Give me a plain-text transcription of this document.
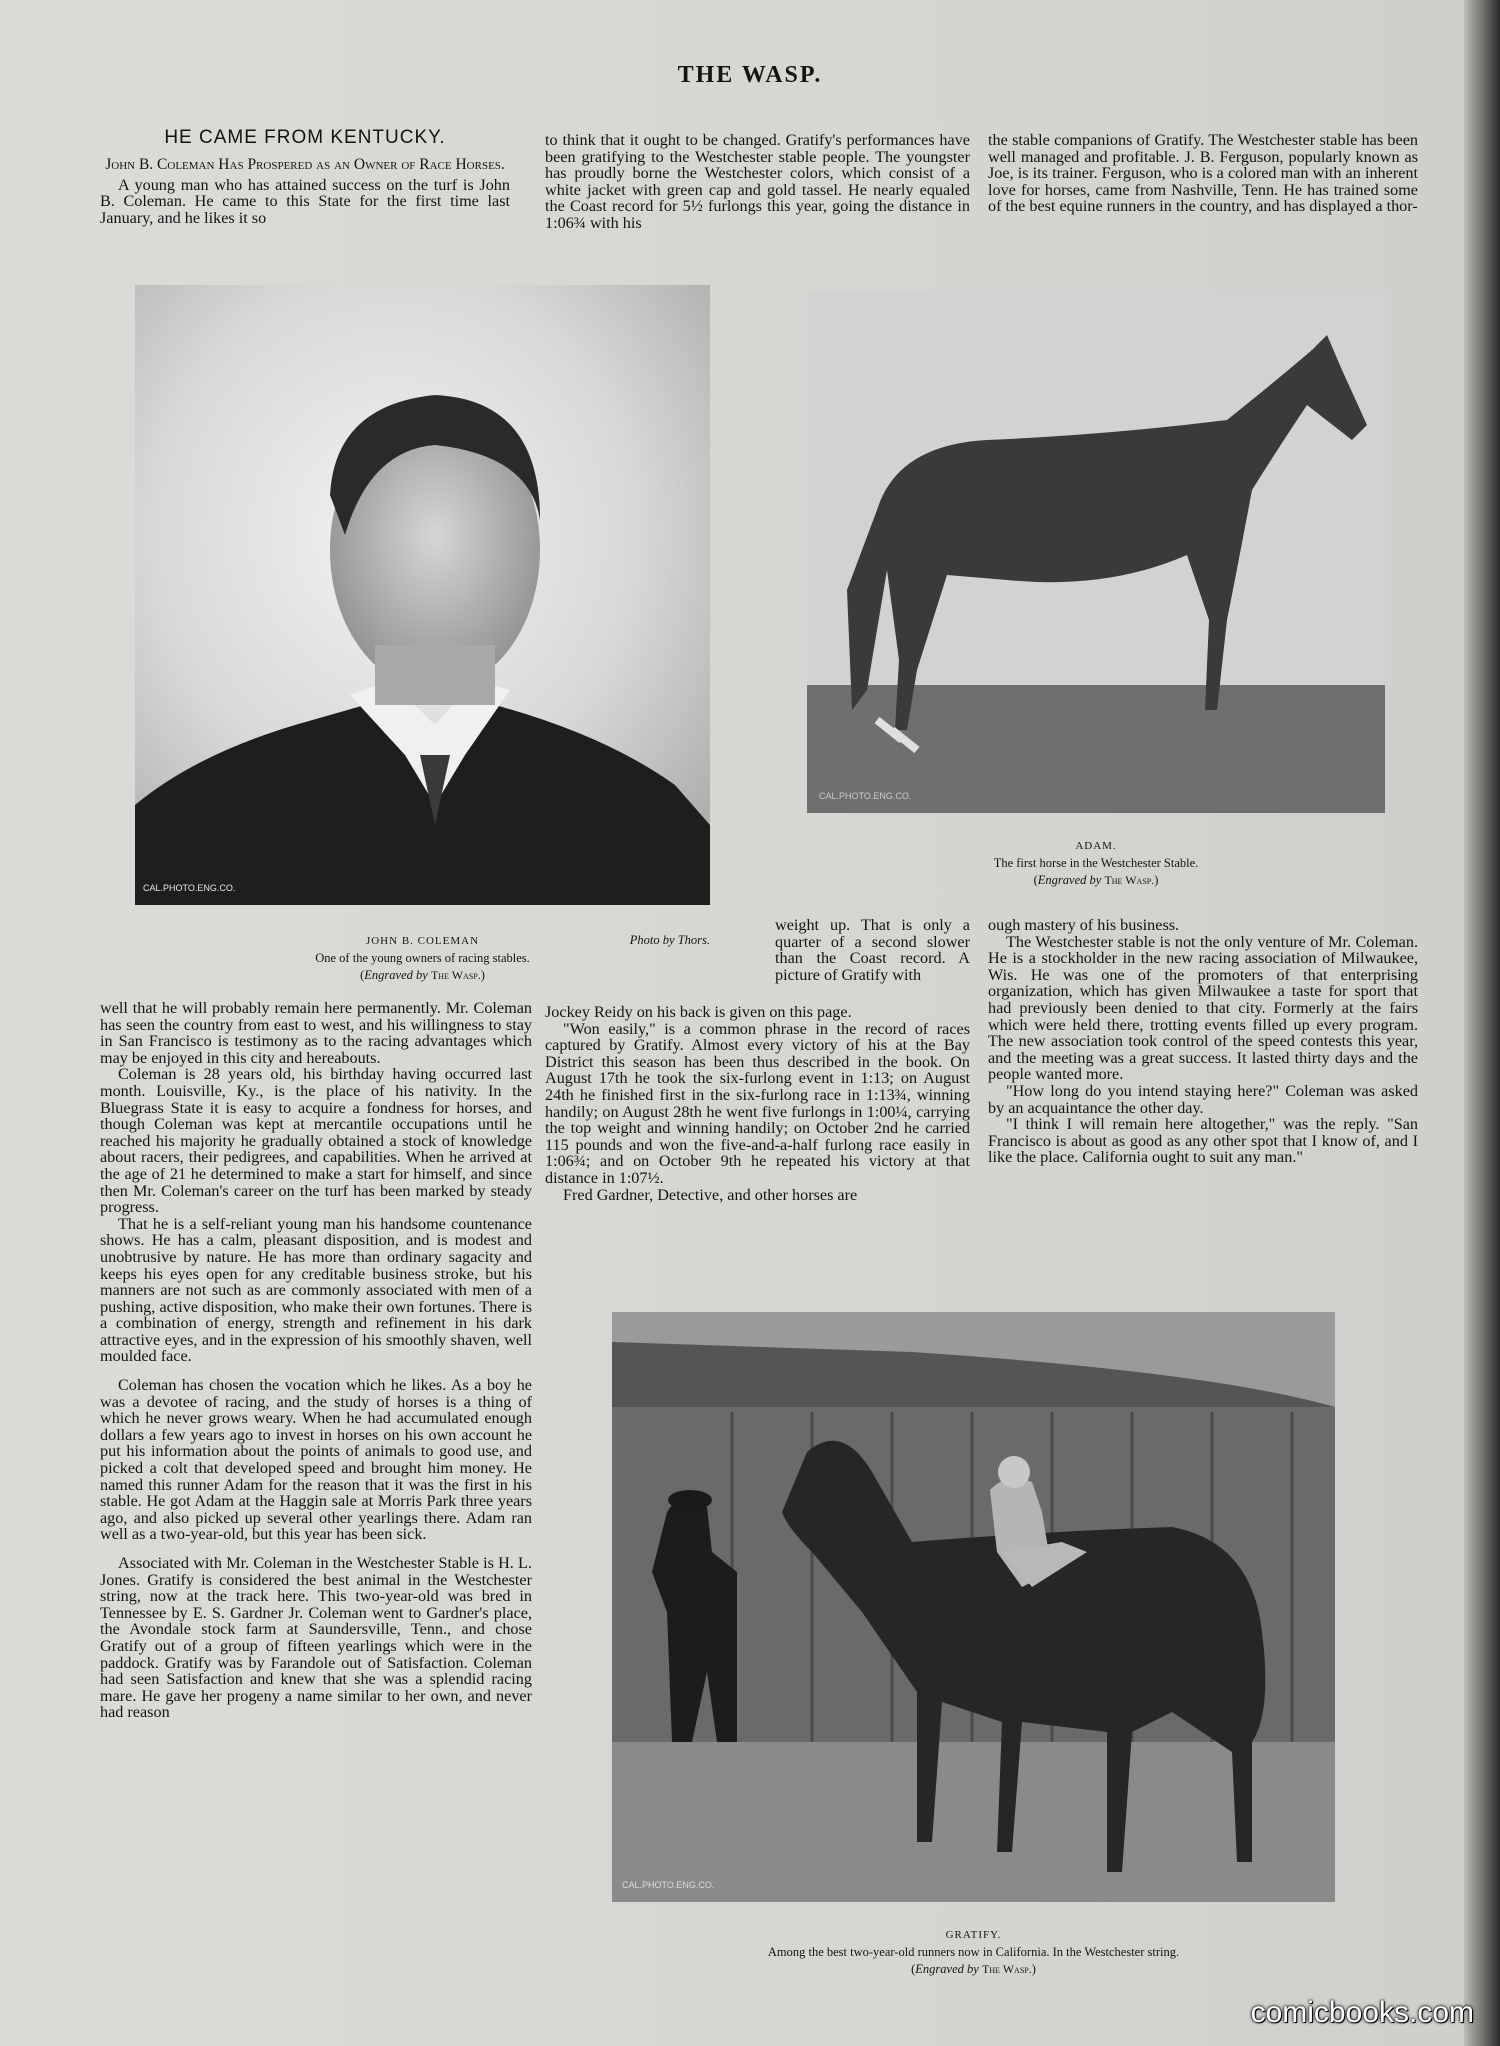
THE WASP.
HE CAME FROM KENTUCKY.
John B. Coleman Has Prospered as an Owner of Race Horses.

A young man who has attained success on the turf is John B. Coleman. He came to this State for the first time last January, and he likes it so

to think that it ought to be changed. Gratify's performances have been gratifying to the Westchester stable people. The youngster has proudly borne the Westchester colors, which consist of a white jacket with green cap and gold tassel. He nearly equaled the Coast record for 5½ furlongs this year, going the distance in 1:06¾ with his

the stable companions of Gratify. The Westchester stable has been well managed and profitable. J. B. Ferguson, popularly known as Joe, is its trainer. Ferguson, who is a colored man with an inherent love for horses, came from Nashville, Tenn. He has trained some of the best equine runners in the country, and has displayed a thor-

CAL.PHOTO.ENG.CO.
JOHN B. COLEMAN	Photo by Thors.
One of the young owners of racing stables.
(Engraved by The Wasp.)
CAL.PHOTO.ENG.CO.
ADAM.
The first horse in the Westchester Stable.
(Engraved by The Wasp.)

well that he will probably remain here permanently. Mr. Coleman has seen the country from east to west, and his willingness to stay in San Francisco is testimony as to the racing advantages which may be enjoyed in this city and hereabouts.

Coleman is 28 years old, his birthday having occurred last month. Louisville, Ky., is the place of his nativity. In the Bluegrass State it is easy to acquire a fondness for horses, and though Coleman was kept at mercantile occupations until he reached his majority he gradually obtained a stock of knowledge about racers, their pedigrees, and capabilities. When he arrived at the age of 21 he determined to make a start for himself, and since then Mr. Coleman's career on the turf has been marked by steady progress.

That he is a self-reliant young man his handsome countenance shows. He has a calm, pleasant disposition, and is modest and unobtrusive by nature. He has more than ordinary sagacity and keeps his eyes open for any creditable business stroke, but his manners are not such as are commonly associated with men of a pushing, active disposition, who make their own fortunes. There is a combination of energy, strength and refinement in his dark attractive eyes, and in the expression of his smoothly shaven, well moulded face.

Coleman has chosen the vocation which he likes. As a boy he was a devotee of racing, and the study of horses is a thing of which he never grows weary. When he had accumulated enough dollars a few years ago to invest in horses on his own account he put his information about the points of animals to good use, and picked a colt that developed speed and brought him money. He named this runner Adam for the reason that it was the first in his stable. He got Adam at the Haggin sale at Morris Park three years ago, and also picked up several other yearlings there. Adam ran well as a two-year-old, but this year has been sick.

Associated with Mr. Coleman in the Westchester Stable is H. L. Jones. Gratify is considered the best animal in the Westchester string, now at the track here. This two-year-old was bred in Tennessee by E. S. Gardner Jr. Coleman went to Gardner's place, the Avondale stock farm at Saundersville, Tenn., and chose Gratify out of a group of fifteen yearlings which were in the paddock. Gratify was by Farandole out of Satisfaction. Coleman had seen Satisfaction and knew that she was a splendid racing mare. He gave her progeny a name similar to her own, and never had reason

weight up. That is only a quarter of a second slower than the Coast record. A picture of Gratify with

Jockey Reidy on his back is given on this page.

"Won easily," is a common phrase in the record of races captured by Gratify. Almost every victory of his at the Bay District this season has been thus described in the book. On August 17th he took the six-furlong event in 1:13; on August 24th he finished first in the six-furlong race in 1:13¾, winning handily; on August 28th he went five furlongs in 1:00¼, carrying the top weight and winning handily; on October 2nd he carried 115 pounds and won the five-and-a-half furlong race easily in 1:06¾; and on October 9th he repeated his victory at that distance in 1:07½.

Fred Gardner, Detective, and other horses are

ough mastery of his business.

The Westchester stable is not the only venture of Mr. Coleman. He is a stockholder in the new racing association of Milwaukee, Wis. He was one of the promoters of that enterprising organization, which has given Milwaukee a taste for sport that had previously been denied to that city. Formerly at the fairs which were held there, trotting events filled up every program. The new association took control of the speed contests this year, and the meeting was a great success. It lasted thirty days and the people wanted more.

"How long do you intend staying here?" Coleman was asked by an acquaintance the other day.

"I think I will remain here altogether," was the reply. "San Francisco is about as good as any other spot that I know of, and I like the place. California ought to suit any man."

CAL.PHOTO.ENG.CO.
GRATIFY.
Among the best two-year-old runners now in California. In the Westchester string.
(Engraved by The Wasp.)
comicbooks.com
